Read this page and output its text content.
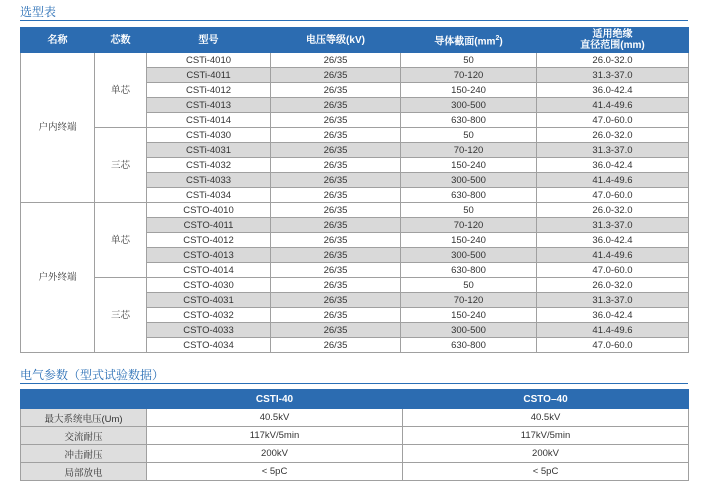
选型表
名称	芯数	型号	电压等级(kV)	导体截面$(mm^2)$	适用绝缘
直径范围(mm)

户内终端	单芯	CSTi-4010	26/35	50	26.0-32.0
		CSTi-4011	26/35	70-120	31.3-37.0
		CSTi-4012	26/35	150-240	36.0-42.4
		CSTi-4013	26/35	300-500	41.4-49.6
		CSTi-4014	26/35	630-800	47.0-60.0
	三芯	CSTi-4030	26/35	50	26.0-32.0
		CSTi-4031	26/35	70-120	31.3-37.0
		CSTi-4032	26/35	150-240	36.0-42.4
		CSTi-4033	26/35	300-500	41.4-49.6
		CSTi-4034	26/35	630-800	47.0-60.0
户外终端	单芯	CSTO-4010	26/35	50	26.0-32.0
		CSTO-4011	26/35	70-120	31.3-37.0
		CSTO-4012	26/35	150-240	36.0-42.4
		CSTO-4013	26/35	300-500	41.4-49.6
		CSTO-4014	26/35	630-800	47.0-60.0
	三芯	CSTO-4030	26/35	50	26.0-32.0
		CSTO-4031	26/35	70-120	31.3-37.0
		CSTO-4032	26/35	150-240	36.0-42.4
		CSTO-4033	26/35	300-500	41.4-49.6
		CSTO-4034	26/35	630-800	47.0-60.0
电气参数（型式试验数据）
	CSTI-40	CSTO–40
最大系统电压(Um)	40.5kV	40.5kV
交流耐压	117kV/5min	117kV/5min
冲击耐压	200kV	200kV
局部放电	< 5pC	< 5pC
